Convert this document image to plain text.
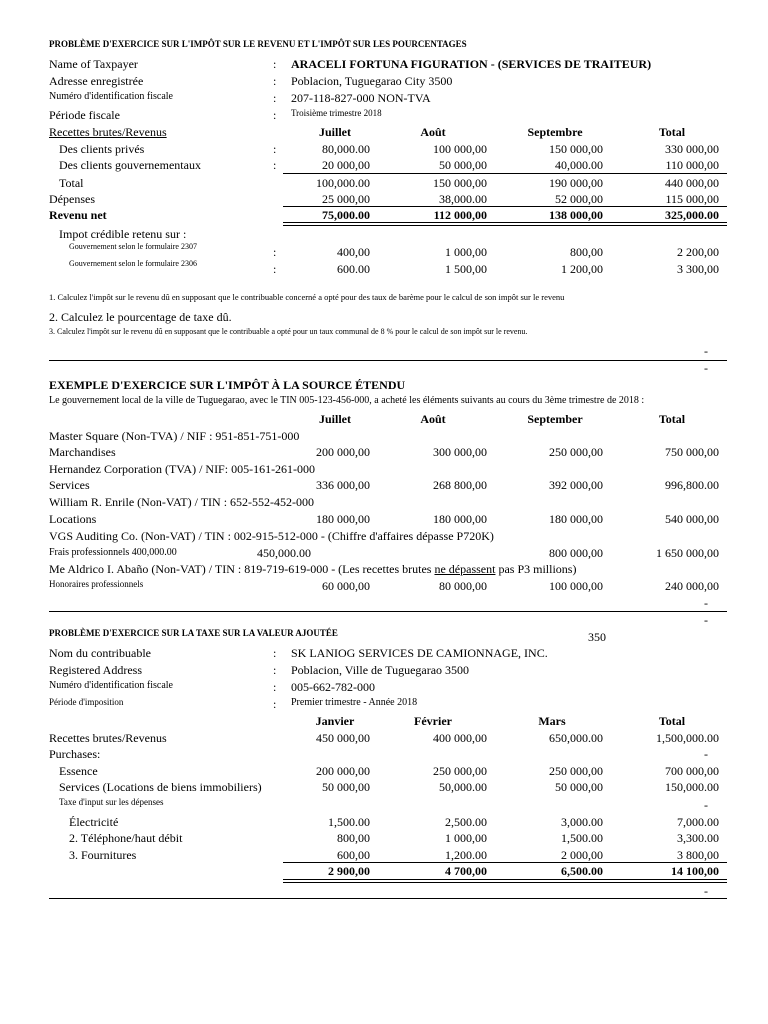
PROBLÈME D'EXERCICE SUR L'IMPÔT SUR LE REVENU ET L'IMPÔT SUR LES POURCENTAGES
Name of Taxpayer	: ARACELI FORTUNA FIGURATION - (SERVICES DE TRAITEUR)
Adresse enregistrée	: Poblacion, Tuguegarao City 3500
Numéro d'identification fiscale	: 207-118-827-000 NON-TVA
Période fiscale	: Troisième trimestre 2018
Recettes brutes/Revenus	Juillet	Août	Septembre	Total
Des clients privés	:	80,000.00	100 000,00	150 000,00	330 000,00
Des clients gouvernementaux	:	20 000,00	50 000,00	40,000.00	110 000,00
Total	100,000.00	150 000,00	190 000,00	440 000,00
Dépenses	25 000,00	38,000.00	52 000,00	115 000,00
Revenu net	75,000.00	112 000,00	138 000,00	325,000.00
Impot crédible retenu sur :
Gouvernement selon le formulaire 2307	:	400,00	1 000,00	800,00	2 200,00
Gouvernement selon le formulaire 2306	:	600.00	1 500,00	1 200,00	3 300,00
1. Calculez l'impôt sur le revenu dû en supposant que le contribuable concerné a opté pour des taux de barème pour le calcul de son impôt sur le revenu
2. Calculez le pourcentage de taxe dû.
3. Calculez l'impôt sur le revenu dû en supposant que le contribuable a opté pour un taux communal de 8 % pour le calcul de son impôt sur le revenu.
-
-
EXEMPLE D'EXERCICE SUR L'IMPÔT À LA SOURCE ÉTENDU
Le gouvernement local de la ville de Tuguegarao, avec le TIN 005-123-456-000, a acheté les éléments suivants au cours du 3ème trimestre de 2018 :
Juillet	Août	September	Total
Master Square (Non-TVA) / NIF : 951-851-751-000
Marchandises	200 000,00	300 000,00	250 000,00	750 000,00
Hernandez Corporation (TVA) / NIF: 005-161-261-000
Services	336 000,00	268 800,00	392 000,00	996,800.00
William R. Enrile (Non-VAT) / TIN : 652-552-452-000
Locations	180 000,00	180 000,00	180 000,00	540 000,00
VGS Auditing Co. (Non-VAT) / TIN : 002-915-512-000 - (Chiffre d'affaires dépasse P720K)
Frais professionnels 400,000.00	450,000.00	800 000,00	1 650 000,00
Me Aldrico I. Abaño (Non-VAT) / TIN : 819-719-619-000 - (Les recettes brutes ne dépassent pas P3 millions)
Honoraires professionnels	60 000,00	80 000,00	100 000,00	240 000,00
-
-
PROBLÈME D'EXERCICE SUR LA TAXE SUR LA VALEUR AJOUTÉE	350
Nom du contribuable	: SK LANIOG SERVICES DE CAMIONNAGE, INC.
Registered Address	: Poblacion, Ville de Tuguegarao 3500
Numéro d'identification fiscale	: 005-662-782-000
Période d'imposition	: Premier trimestre - Année 2018
Janvier	Février	Mars	Total
Recettes brutes/Revenus	450 000,00	400 000,00	650,000.00	1,500,000.00
Purchases:	-
Essence	200 000,00	250 000,00	250 000,00	700 000,00
Services (Locations de biens immobiliers)	50 000,00	50,000.00	50 000,00	150,000.00
Taxe d'input sur les dépenses	-
Électricité	1,500.00	2,500.00	3,000.00	7,000.00
2. Téléphone/haut débit	800,00	1 000,00	1,500.00	3,300.00
3. Fournitures	600,00	1,200.00	2 000,00	3 800,00
2 900,00	4 700,00	6,500.00	14 100,00
-
